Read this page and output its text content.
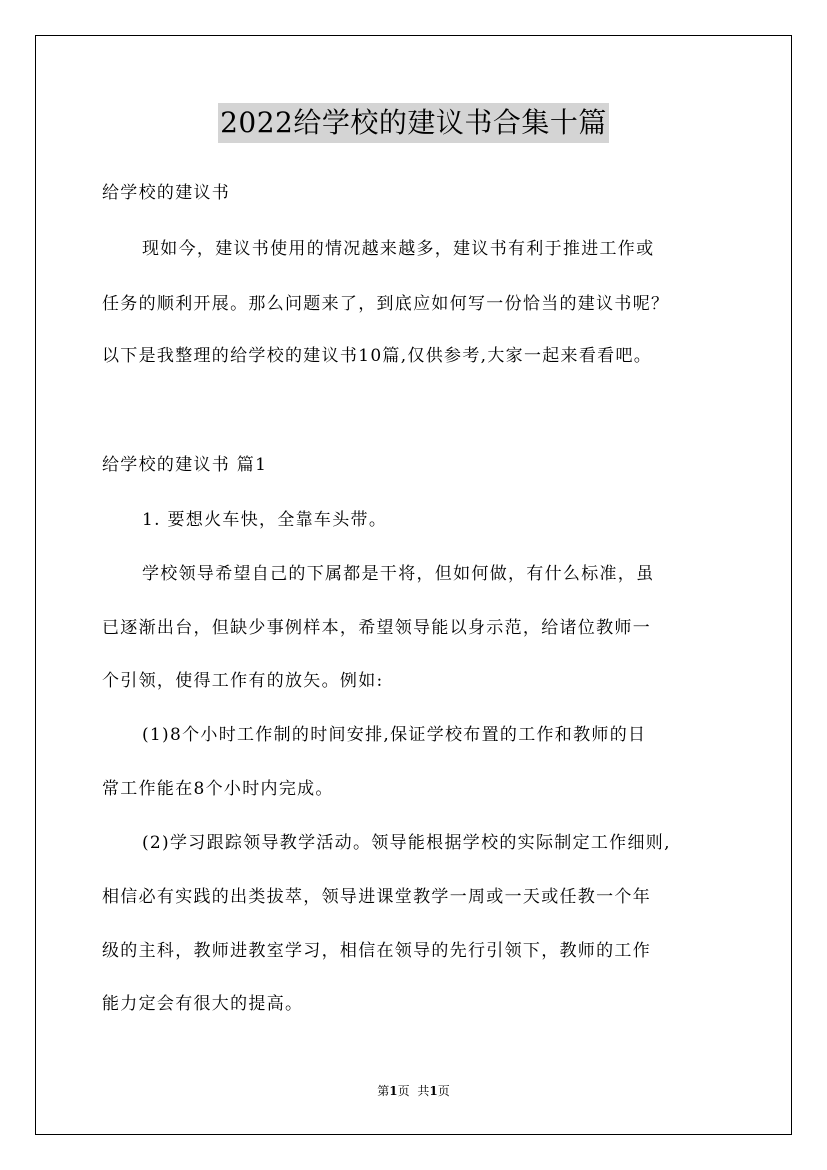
2022给学校的建议书合集十篇
给学校的建议书
现如今，建议书使用的情况越来越多，建议书有利于推进工作或
任务的顺利开展。那么问题来了，到底应如何写一份恰当的建议书呢？
以下是我整理的给学校的建议书10篇,仅供参考,大家一起来看看吧。
给学校的建议书 篇1
1. 要想火车快，全靠车头带。
学校领导希望自己的下属都是干将，但如何做，有什么标准，虽
已逐渐出台，但缺少事例样本，希望领导能以身示范，给诸位教师一
个引领，使得工作有的放矢。例如:
(1)8个小时工作制的时间安排,保证学校布置的工作和教师的日
常工作能在8个小时内完成。
(2)学习跟踪领导教学活动。领导能根据学校的实际制定工作细则,
相信必有实践的出类拔萃，领导进课堂教学一周或一天或任教一个年
级的主科，教师进教室学习，相信在领导的先行引领下，教师的工作
能力定会有很大的提高。
第1页 共1页
